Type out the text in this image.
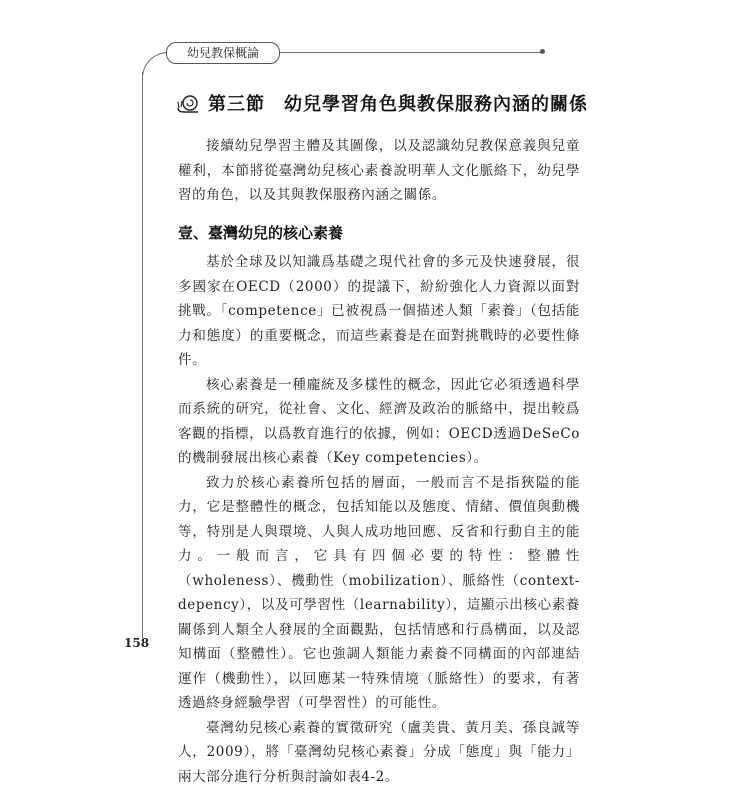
幼兒教保概論
第三節　幼兒學習角色與教保服務內涵的關係

接續幼兒學習主體及其圖像，以及認識幼兒教保意義與兒童權利，本節將從臺灣幼兒核心素養說明華人文化脈絡下，幼兒學習的角色，以及其與教保服務內涵之關係。

壹、臺灣幼兒的核心素養

基於全球及以知識爲基礎之現代社會的多元及快速發展，很多國家在OECD（2000）的提議下，紛紛強化人力資源以面對挑戰。「competence」已被視爲一個描述人類「素養」（包括能力和態度）的重要概念，而這些素養是在面對挑戰時的必要性條件。

核心素養是一種龐統及多樣性的概念，因此它必須透過科學而系統的研究，從社會、文化、經濟及政治的脈絡中，提出較爲客觀的指標，以爲教育進行的依據，例如：OECD透過DeSeCo的機制發展出核心素養（Key competencies）。

致力於核心素養所包括的層面，一般而言不是指狹隘的能力，它是整體性的概念，包括知能以及態度、情緒、價值與動機等，特別是人與環境、人與人成功地回應、反省和行動自主的能力。一般而言，它具有四個必要的特性：整體性（wholeness）、機動性（mobilization）、脈絡性（context-depency），以及可學習性（learnability），這顯示出核心素養關係到人類全人發展的全面觀點，包括情感和行爲構面，以及認知構面（整體性）。它也強調人類能力素養不同構面的內部連結運作（機動性），以回應某一特殊情境（脈絡性）的要求，有著透過終身經驗學習（可學習性）的可能性。

臺灣幼兒核心素養的實徵研究（盧美貴、黃月美、孫良誠等人，2009），將「臺灣幼兒核心素養」分成「態度」與「能力」兩大部分進行分析與討論如表4-2。

158
